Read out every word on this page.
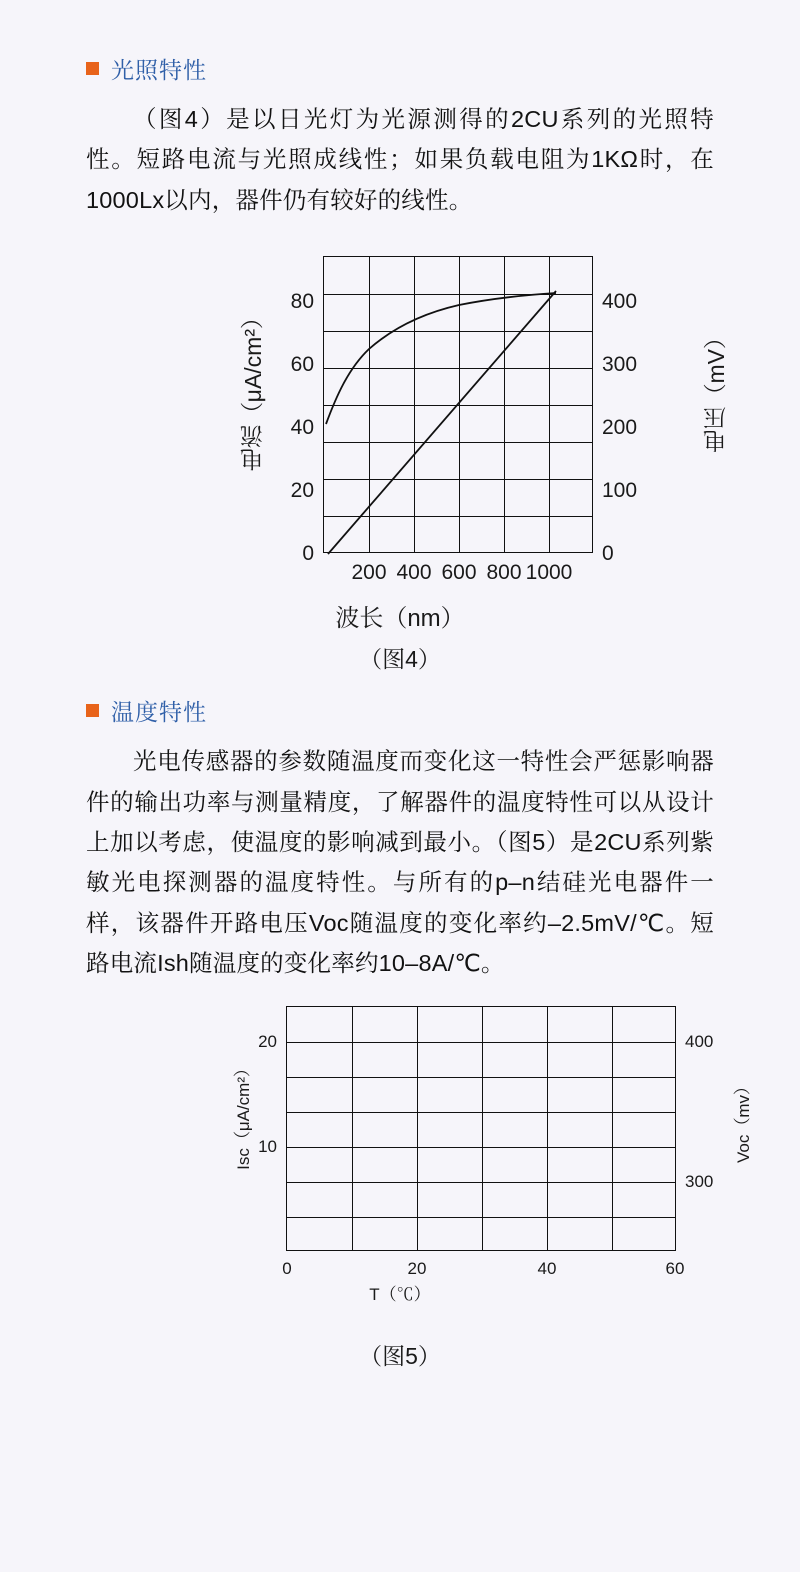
光照特性

（图4）是以日光灯为光源测得的2CU系列的光照特性。短路电流与光照成线性；如果负载电阻为1KΩ时，在1000Lx以内，器件仍有较好的线性。

电流（μA/cm²）	电压（mV）
0
20
40
60
80
0
100
200
300
400
200 400 600 800 1000
波长（nm）
（图4）
温度特性

光电传感器的参数随温度而变化这一特性会严惩影响器件的输出功率与测量精度，了解器件的温度特性可以从设计上加以考虑，使温度的影响减到最小。（图5）是2CU系列紫敏光电探测器的温度特性。与所有的p–n结硅光电器件一样，该器件开路电压Voc随温度的变化率约–2.5mV/℃。短路电流Ish随温度的变化率约10–8A/℃。

Isc（μA/cm²）	Voc（mv）
20
10
400
300
0	20	40	60
T（℃）
（图5）
